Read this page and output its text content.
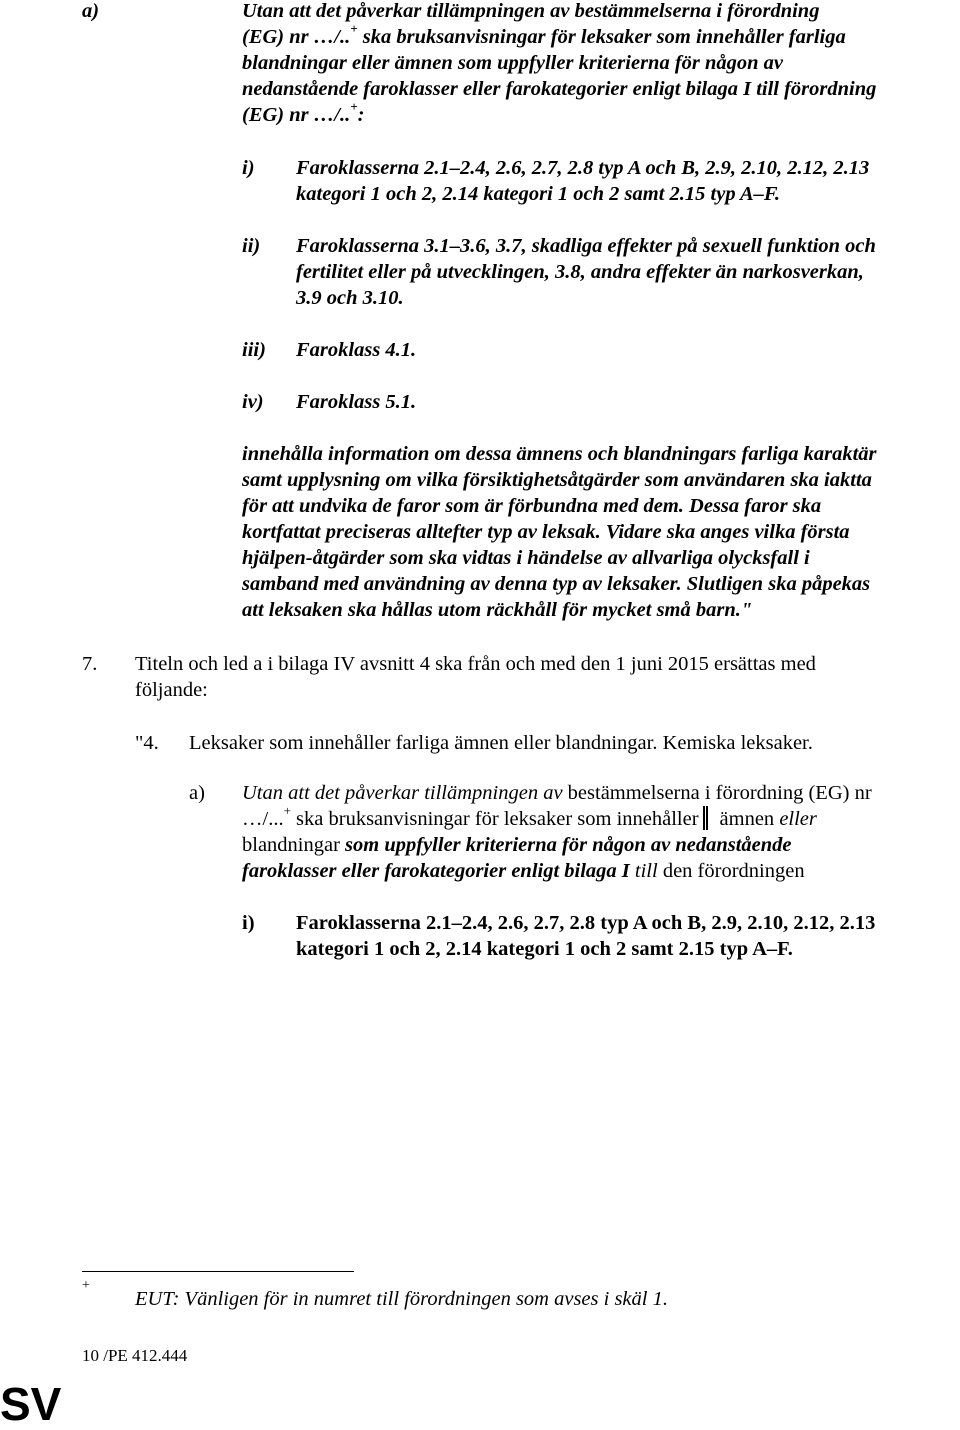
a)	Utan att det påverkar tillämpningen av bestämmelserna i förordning
(EG) nr …/..+ ska bruksanvisningar för leksaker som innehåller farliga
blandningar eller ämnen som uppfyller kriterierna för någon av
nedanstående faroklasser eller farokategorier enligt bilaga I till förordning
(EG) nr …/..+:
i) Faroklasserna 2.1–2.4, 2.6, 2.7, 2.8 typ A och B, 2.9, 2.10, 2.12, 2.13
kategori 1 och 2, 2.14 kategori 1 och 2 samt 2.15 typ A–F.
ii) Faroklasserna 3.1–3.6, 3.7, skadliga effekter på sexuell funktion och
fertilitet eller på utvecklingen, 3.8, andra effekter än narkosverkan,
3.9 och 3.10.
iii) Faroklass 4.1.
iv) Faroklass 5.1.
innehålla information om dessa ämnens och blandningars farliga karaktär
samt upplysning om vilka försiktighetsåtgärder som användaren ska iaktta
för att undvika de faror som är förbundna med dem. Dessa faror ska
kortfattat preciseras alltefter typ av leksak. Vidare ska anges vilka första
hjälpen-åtgärder som ska vidtas i händelse av allvarliga olycksfall i
samband med användning av denna typ av leksaker. Slutligen ska påpekas
att leksaken ska hållas utom räckhåll för mycket små barn."
7. Titeln och led a i bilaga IV avsnitt 4 ska från och med den 1 juni 2015 ersättas med
följande:
"4. Leksaker som innehåller farliga ämnen eller blandningar. Kemiska leksaker.
a) Utan att det påverkar tillämpningen av bestämmelserna i förordning (EG) nr
…/...+ ska bruksanvisningar för leksaker som innehåller ämnen eller
blandningar som uppfyller kriterierna för någon av nedanstående
faroklasser eller farokategorier enligt bilaga I till den förordningen
i) Faroklasserna 2.1–2.4, 2.6, 2.7, 2.8 typ A och B, 2.9, 2.10, 2.12, 2.13
kategori 1 och 2, 2.14 kategori 1 och 2 samt 2.15 typ A–F.
+
EUT: Vänligen för in numret till förordningen som avses i skäl 1.
10 /PE 412.444
SV
